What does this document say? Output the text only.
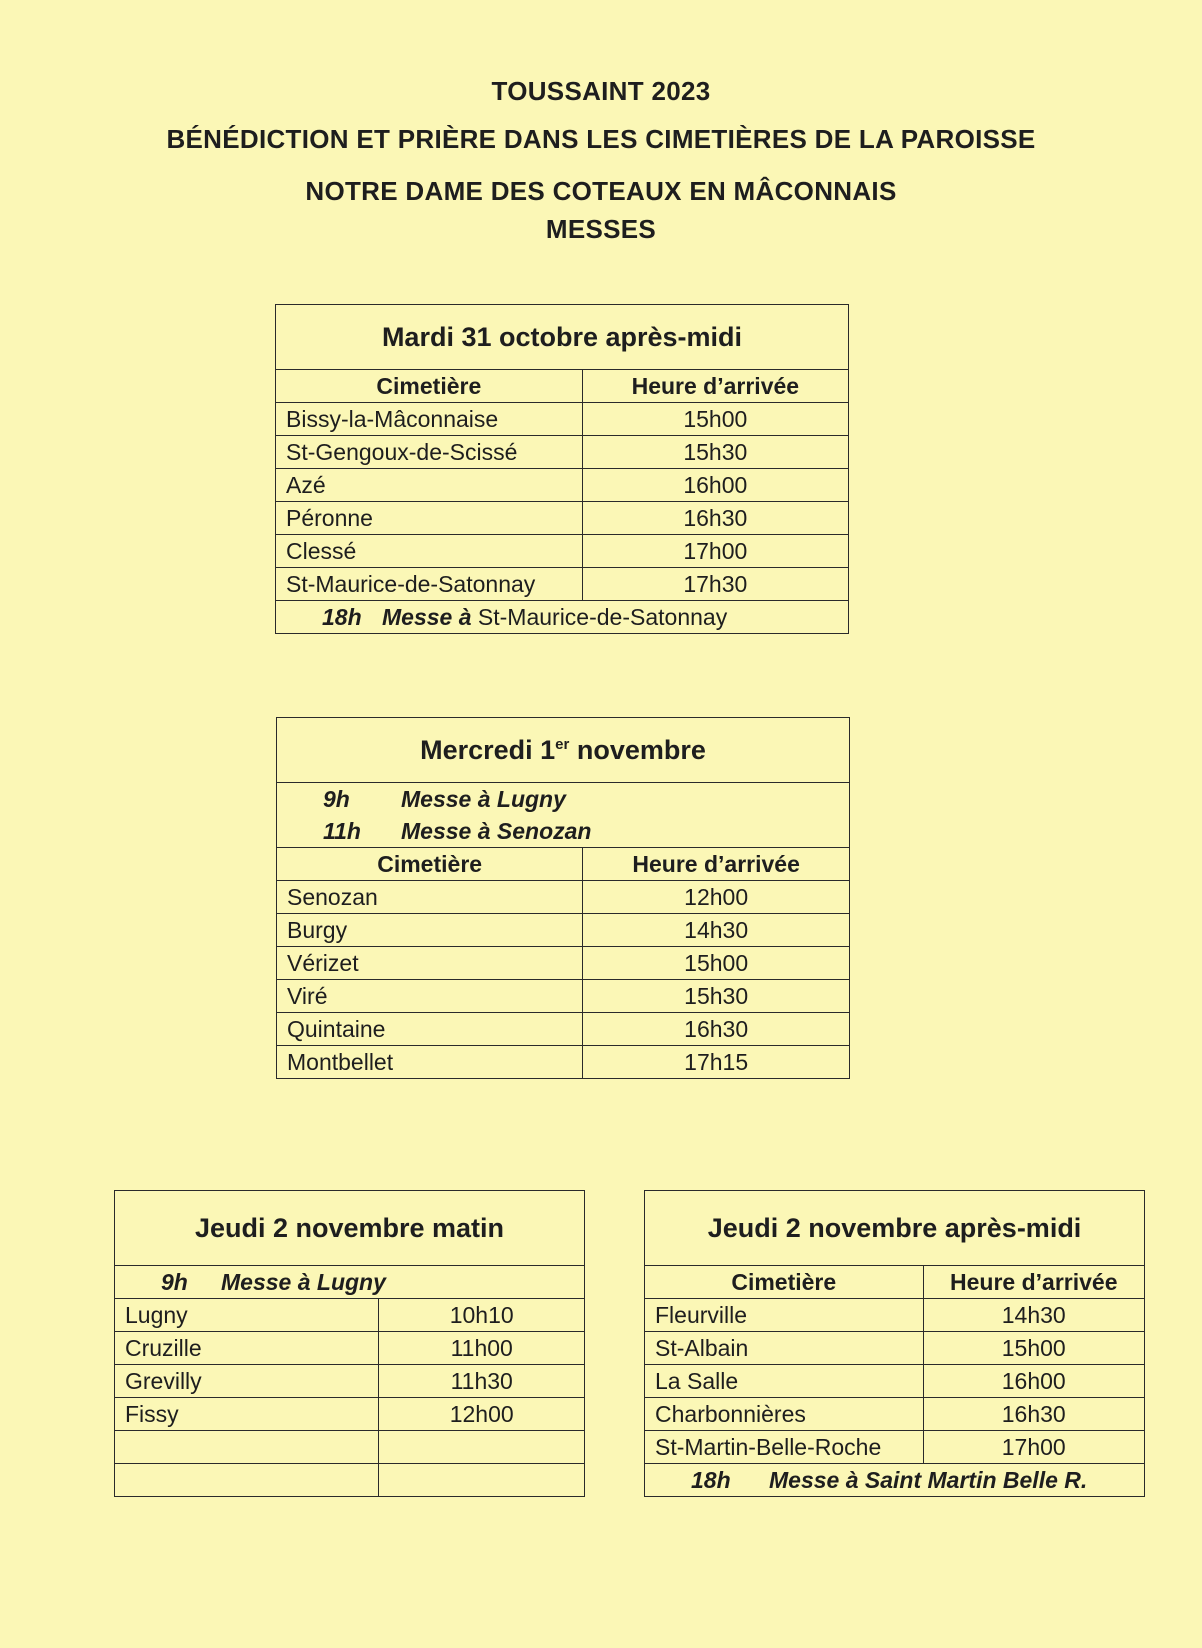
TOUSSAINT 2023
BÉNÉDICTION ET PRIÈRE DANS LES CIMETIÈRES DE LA PAROISSE
NOTRE DAME DES COTEAUX EN MÂCONNAIS
MESSES
Mardi 31 octobre après-midi	
Cimetière	Heure d’arrivée
Bissy-la-Mâconnaise	15h00
St-Gengoux-de-Scissé	15h30
Azé	16h00
Péronne	16h30
Clessé	17h00
St-Maurice-de-Satonnay	17h30
18h Messe à St-Maurice-de-Satonnay	
Mercredi 1er novembre	

9h Messe à Lugny
11h Messe à Senozan	

Cimetière	Heure d’arrivée
Senozan	12h00
Burgy	14h30
Vérizet	15h00
Viré	15h30
Quintaine	16h30
Montbellet	17h15
Jeudi 2 novembre matin	
9h Messe à Lugny	
Lugny	10h10
Cruzille	11h00
Grevilly	11h30
Fissy	12h00

Jeudi 2 novembre après-midi	
Cimetière	Heure d’arrivée
Fleurville	14h30
St-Albain	15h00
La Salle	16h00
Charbonnières	16h30
St-Martin-Belle-Roche	17h00
18h Messe à Saint Martin Belle R.	
